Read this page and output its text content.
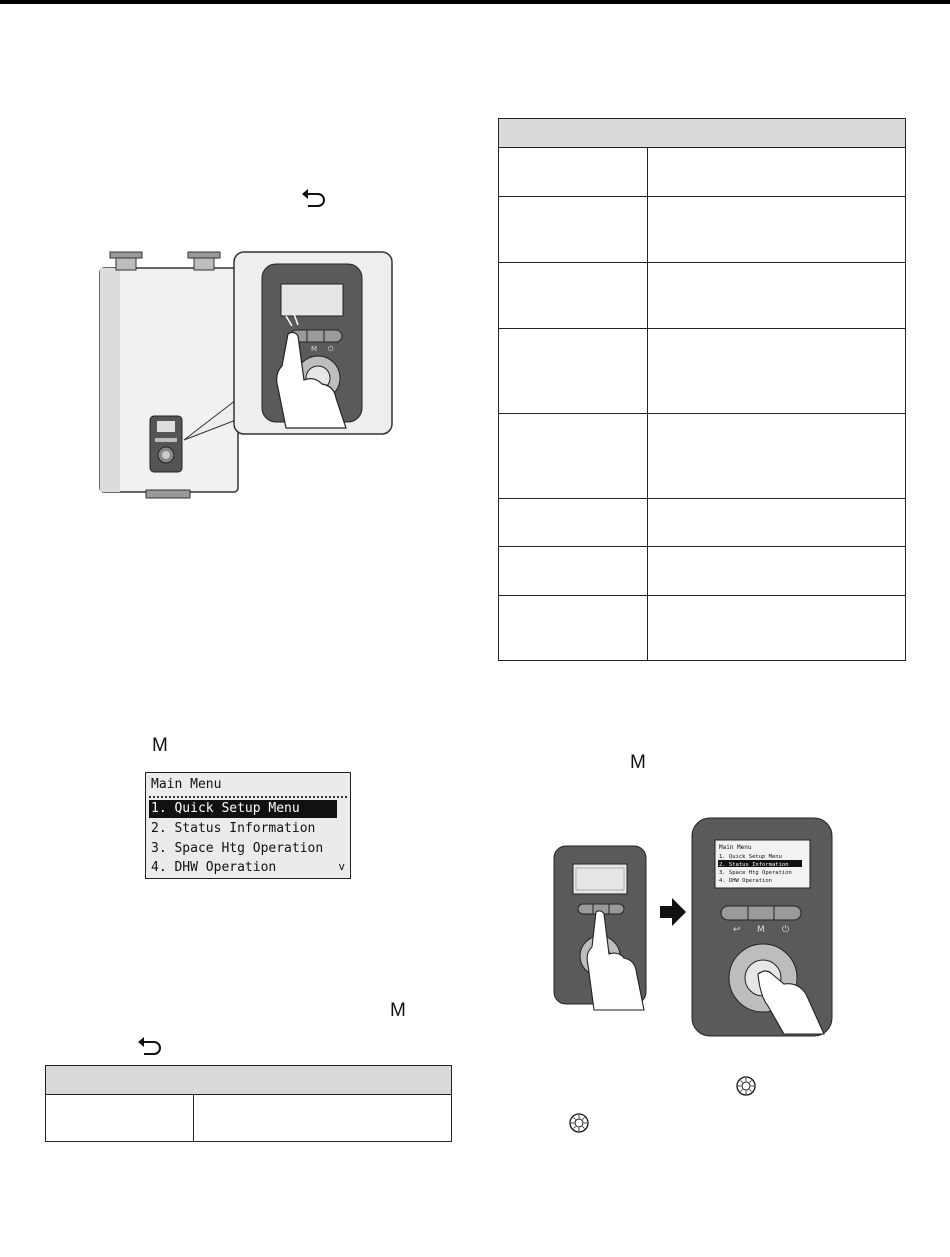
M ⏻
M
Main Menu
1. Quick Setup Menu
2. Status Information
3. Space Htg Operation
4. DHW Operation	v
M
M
Main Menu
1. Quick Setup Menu
2. Status Information
3. Space Htg Operation
4. DHW Operation
↩ M ⏻
